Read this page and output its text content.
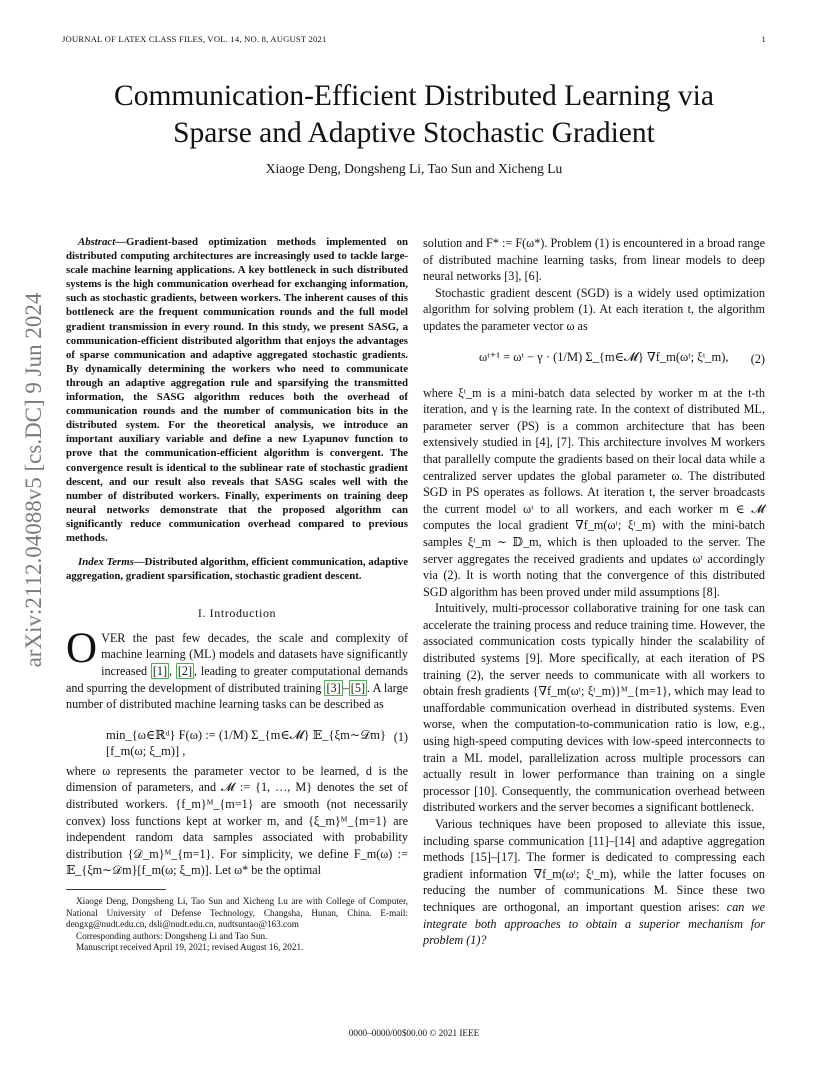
JOURNAL OF LATEX CLASS FILES, VOL. 14, NO. 8, AUGUST 2021	1
arXiv:2112.04088v5 [cs.DC] 9 Jun 2024
Communication-Efficient Distributed Learning via
Sparse and Adaptive Stochastic Gradient
Xiaoge Deng, Dongsheng Li, Tao Sun and Xicheng Lu

Abstract—Gradient-based optimization methods implemented on distributed computing architectures are increasingly used to tackle large-scale machine learning applications. A key bottleneck in such distributed systems is the high communication overhead for exchanging information, such as stochastic gradients, between workers. The inherent causes of this bottleneck are the frequent communication rounds and the full model gradient transmission in every round. In this study, we present SASG, a communication-efficient distributed algorithm that enjoys the advantages of sparse communication and adaptive aggregated stochastic gradients. By dynamically determining the workers who need to communicate through an adaptive aggregation rule and sparsifying the transmitted information, the SASG algorithm reduces both the overhead of communication rounds and the number of communication bits in the distributed system. For the theoretical analysis, we introduce an important auxiliary variable and define a new Lyapunov function to prove that the communication-efficient algorithm is convergent. The convergence result is identical to the sublinear rate of stochastic gradient descent, and our result also reveals that SASG scales well with the number of distributed workers. Finally, experiments on training deep neural networks demonstrate that the proposed algorithm can significantly reduce communication overhead compared to previous methods.

Index Terms—Distributed algorithm, efficient communication, adaptive aggregation, gradient sparsification, stochastic gradient descent.

I. Introduction

OVER the past few decades, the scale and complexity of machine learning (ML) models and datasets have significantly increased [1] , [2] , leading to greater computational demands and spurring the development of distributed training [3] – [5] . A large number of distributed machine learning tasks can be described as

min_{ω∈ℝᵈ} F(ω) := (1/M) Σ_{m∈𝓜} 𝔼_{ξm∼𝒟m} [f_m(ω; ξ_m)] ,
(1)

where ω represents the parameter vector to be learned, d is the dimension of parameters, and 𝓜 := {1, …, M} denotes the set of distributed workers. {f_m}ᴹ_{m=1} are smooth (not necessarily convex) loss functions kept at worker m, and {ξ_m}ᴹ_{m=1} are independent random data samples associated with probability distribution {𝒟_m}ᴹ_{m=1}. For simplicity, we define F_m(ω) := 𝔼_{ξm∼𝒟m}[f_m(ω; ξ_m)]. Let ω* be the optimal

Xiaoge Deng, Dongsheng Li, Tao Sun and Xicheng Lu are with College of Computer, National University of Defense Technology, Changsha, Hunan, China. E-mail: dengxg@nudt.edu.cn, dsli@nudt.edu.cn, nudtsuntao@163.com

Corresponding authors: Dongsheng Li and Tao Sun.

Manuscript received April 19, 2021; revised August 16, 2021.

solution and F* := F(ω*). Problem (1) is encountered in a broad range of distributed machine learning tasks, from linear models to deep neural networks [3], [6].

Stochastic gradient descent (SGD) is a widely used optimization algorithm for solving problem (1). At each iteration t, the algorithm updates the parameter vector ω as

ωᵗ⁺¹ = ωᵗ − γ · (1/M) Σ_{m∈𝓜} ∇f_m(ωᵗ; ξᵗ_m), (2)

where ξᵗ_m is a mini-batch data selected by worker m at the t-th iteration, and γ is the learning rate. In the context of distributed ML, parameter server (PS) is a common architecture that has been extensively studied in [4], [7]. This architecture involves M workers that parallelly compute the gradients based on their local data while a centralized server updates the global parameter ω. The distributed SGD in PS operates as follows. At iteration t, the server broadcasts the current model ωᵗ to all workers, and each worker m ∈ 𝓜 computes the local gradient ∇f_m(ωᵗ; ξᵗ_m) with the mini-batch samples ξᵗ_m ∼ 𝔻_m, which is then uploaded to the server. The server aggregates the received gradients and updates ωᵗ accordingly via (2). It is worth noting that the convergence of this distributed SGD algorithm has been proved under mild assumptions [8].

Intuitively, multi-processor collaborative training for one task can accelerate the training process and reduce training time. However, the associated communication costs typically hinder the scalability of distributed systems [9]. More specifically, at each iteration of PS training (2), the server needs to communicate with all workers to obtain fresh gradients {∇f_m(ωᵗ; ξᵗ_m)}ᴹ_{m=1}, which may lead to unaffordable communication overhead in distributed systems. Even worse, when the computation-to-communication ratio is low, e.g., using high-speed computing devices with low-speed interconnects to train a ML model, parallelization across multiple processors can actually result in lower performance than training on a single processor [10]. Consequently, the communication overhead between distributed workers and the server becomes a significant bottleneck.

Various techniques have been proposed to alleviate this issue, including sparse communication [11]–[14] and adaptive aggregation methods [15]–[17]. The former is dedicated to compressing each gradient information ∇f_m(ωᵗ; ξᵗ_m), while the latter focuses on reducing the number of communications M. Since these two techniques are orthogonal, an important question arises: can we integrate both approaches to obtain a superior mechanism for problem (1)?

0000–0000/00$00.00 © 2021 IEEE
